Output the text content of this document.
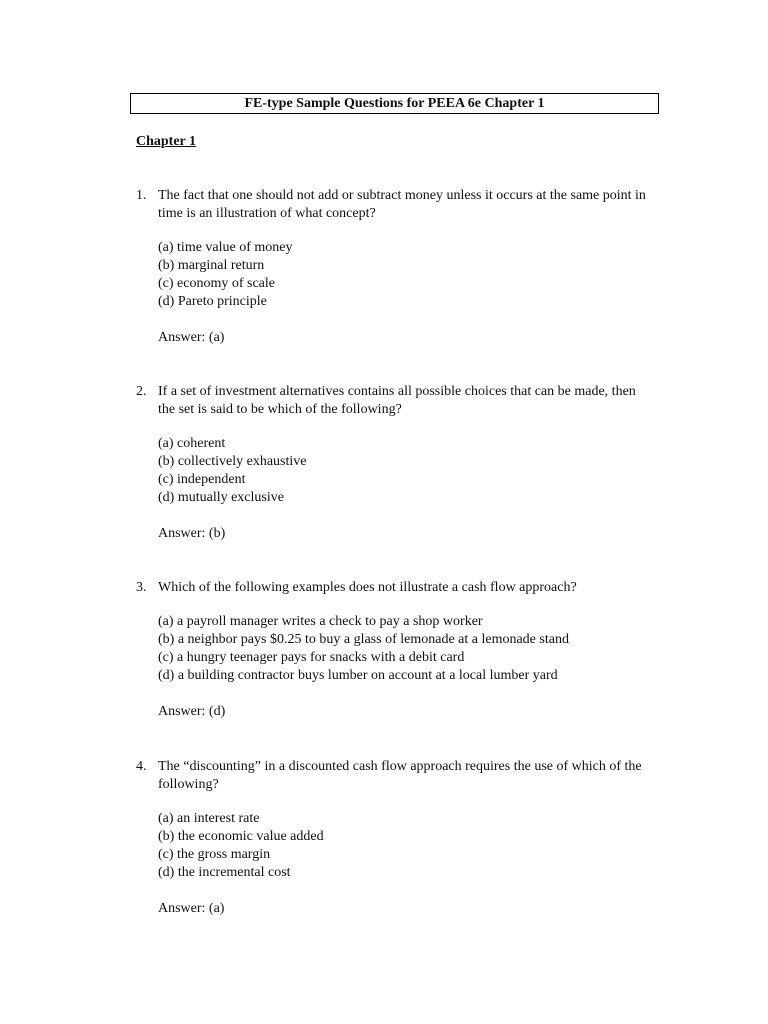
FE-type Sample Questions for PEEA 6e Chapter 1
Chapter 1
1. The fact that one should not add or subtract money unless it occurs at the same point in time is an illustration of what concept?
(a) time value of money
(b) marginal return
(c) economy of scale
(d) Pareto principle
Answer: (a)
2. If a set of investment alternatives contains all possible choices that can be made, then the set is said to be which of the following?
(a) coherent
(b) collectively exhaustive
(c) independent
(d) mutually exclusive
Answer: (b)
3. Which of the following examples does not illustrate a cash flow approach?
(a) a payroll manager writes a check to pay a shop worker
(b) a neighbor pays $0.25 to buy a glass of lemonade at a lemonade stand
(c) a hungry teenager pays for snacks with a debit card
(d) a building contractor buys lumber on account at a local lumber yard
Answer: (d)
4. The “discounting” in a discounted cash flow approach requires the use of which of the following?
(a) an interest rate
(b) the economic value added
(c) the gross margin
(d) the incremental cost
Answer: (a)
